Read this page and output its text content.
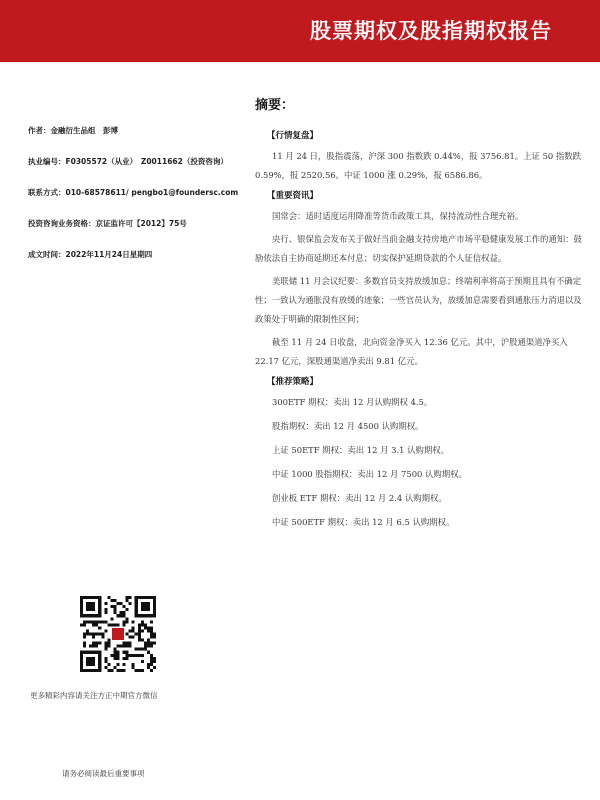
股票期权及股指期权报告
作者：金融衍生品组　彭博
执业编号：F0305572（从业）　Z0011662（投资咨询）
联系方式：010-68578611/ pengbo1@foundersc.com
投资咨询业务资格：京证监许可【2012】75号
成文时间：2022年11月24日星期四
更多精彩内容请关注方正中期官方微信
请务必阅读最后重要事项
摘要：
【行情复盘】

11 月 24 日，股指震荡，沪深 300 指数跌 0.44%，报 3756.81。上证 50 指数跌 0.59%，报 2520.56。中证 1000 涨 0.29%，报 6586.86。

【重要资讯】

国常会：适时适度运用降准等货币政策工具，保持流动性合理充裕。

央行、银保监会发布关于做好当前金融支持房地产市场平稳健康发展工作的通知：鼓励依法自主协商延期还本付息；切实保护延期贷款的个人征信权益。

美联储 11 月会议纪要：多数官员支持放缓加息；终端利率将高于预期且具有不确定性；一致认为通胀没有放缓的迹象；一些官员认为，放缓加息需要看到通胀压力消退以及政策处于明确的限制性区间；

截至 11 月 24 日收盘，北向资金净买入 12.36 亿元。其中，沪股通渠道净买入 22.17 亿元，深股通渠道净卖出 9.81 亿元。

【推荐策略】
300ETF 期权：卖出 12 月认购期权 4.5。
股指期权：卖出 12 月 4500 认购期权。
上证 50ETF 期权：卖出 12 月 3.1 认购期权。
中证 1000 股指期权：卖出 12 月 7500 认购期权。
创业板 ETF 期权：卖出 12 月 2.4 认购期权。
中证 500ETF 期权：卖出 12 月 6.5 认购期权。
